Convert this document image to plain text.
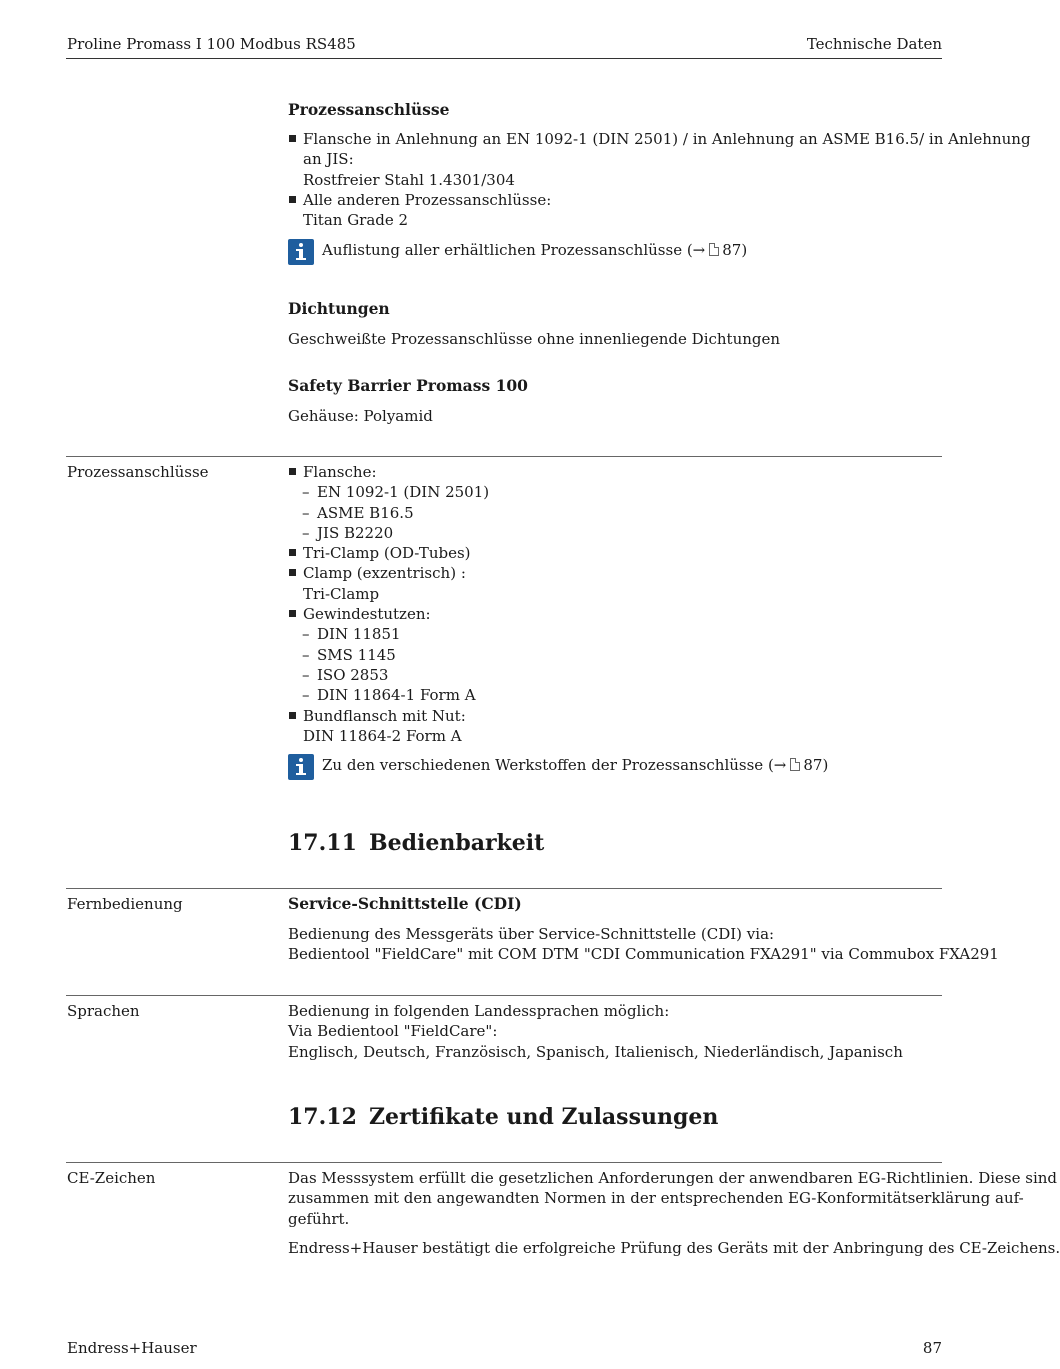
Proline Promass I 100 Modbus RS485	Technische Daten
Prozessanschlüsse
Flansche in Anlehnung an EN 1092-1 (DIN 2501) / in Anlehnung an ASME B16.5/ in Anlehnung
an JIS:
Rostfreier Stahl 1.4301/304
Alle anderen Prozessanschlüsse:
Titan Grade 2
Auflistung aller erhältlichen Prozessanschlüsse (→ 87)
Dichtungen
Geschweißte Prozessanschlüsse ohne innenliegende Dichtungen
Safety Barrier Promass 100
Gehäuse: Polyamid
Prozessanschlüsse	Flansche:
– EN 1092-1 (DIN 2501)
– ASME B16.5
– JIS B2220
Tri-Clamp (OD-Tubes)
Clamp (exzentrisch) :
Tri-Clamp
Gewindestutzen:
– DIN 11851
– SMS 1145
– ISO 2853
– DIN 11864-1 Form A
Bundflansch mit Nut:
DIN 11864-2 Form A
Zu den verschiedenen Werkstoffen der Prozessanschlüsse (→ 87)
17.11 Bedienbarkeit
Fernbedienung	Service-Schnittstelle (CDI)
Bedienung des Messgeräts über Service-Schnittstelle (CDI) via:
Bedientool "FieldCare" mit COM DTM "CDI Communication FXA291" via Commubox FXA291
Sprachen	Bedienung in folgenden Landessprachen möglich:
Via Bedientool "FieldCare":
Englisch, Deutsch, Französisch, Spanisch, Italienisch, Niederländisch, Japanisch
17.12 Zertifikate und Zulassungen
CE-Zeichen	Das Messsystem erfüllt die gesetzlichen Anforderungen der anwendbaren EG-Richtlinien. Diese sind
zusammen mit den angewandten Normen in der entsprechenden EG-Konformitätserklärung auf-
geführt.
Endress+Hauser bestätigt die erfolgreiche Prüfung des Geräts mit der Anbringung des CE-Zeichens.
Endress+Hauser	87
